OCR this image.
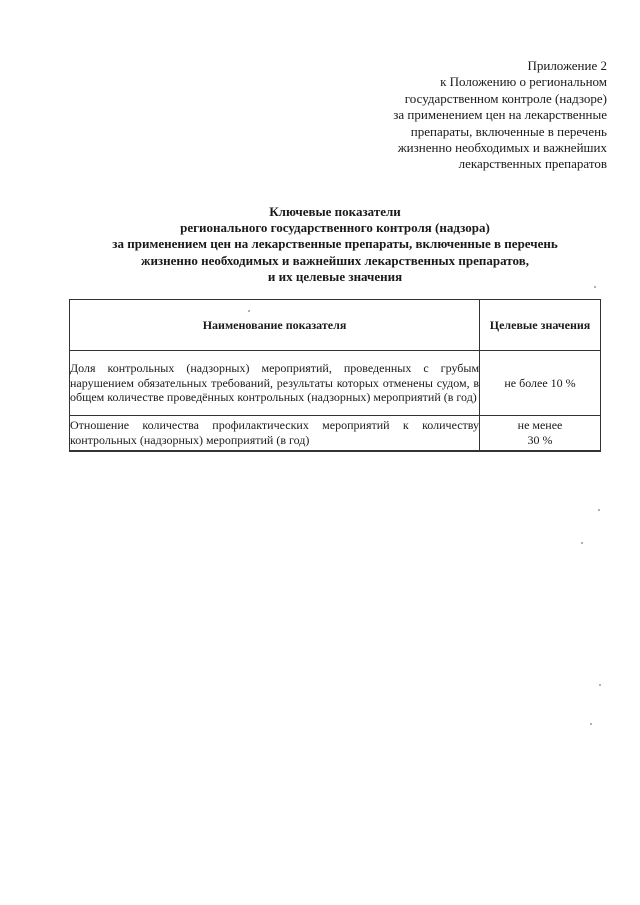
Приложение 2
к Положению о региональном
государственном контроле (надзоре)
за применением цен на лекарственные
препараты, включенные в перечень
жизненно необходимых и важнейших
лекарственных препаратов
Ключевые показатели
регионального государственного контроля (надзора)
за применением цен на лекарственные препараты, включенные в перечень
жизненно необходимых и важнейших лекарственных препаратов,
и их целевые значения
Наименование показателя	Целевые значения
Доля контрольных (надзорных) мероприятий, проведенных с грубым нарушением обязательных требований, результаты которых отменены судом, в общем количестве проведённых контрольных (надзорных) мероприятий (в год)	не более 10 %

Отношение количества профилактических мероприятий к количеству контрольных (надзорных) мероприятий (в год)	не менее
30 %
